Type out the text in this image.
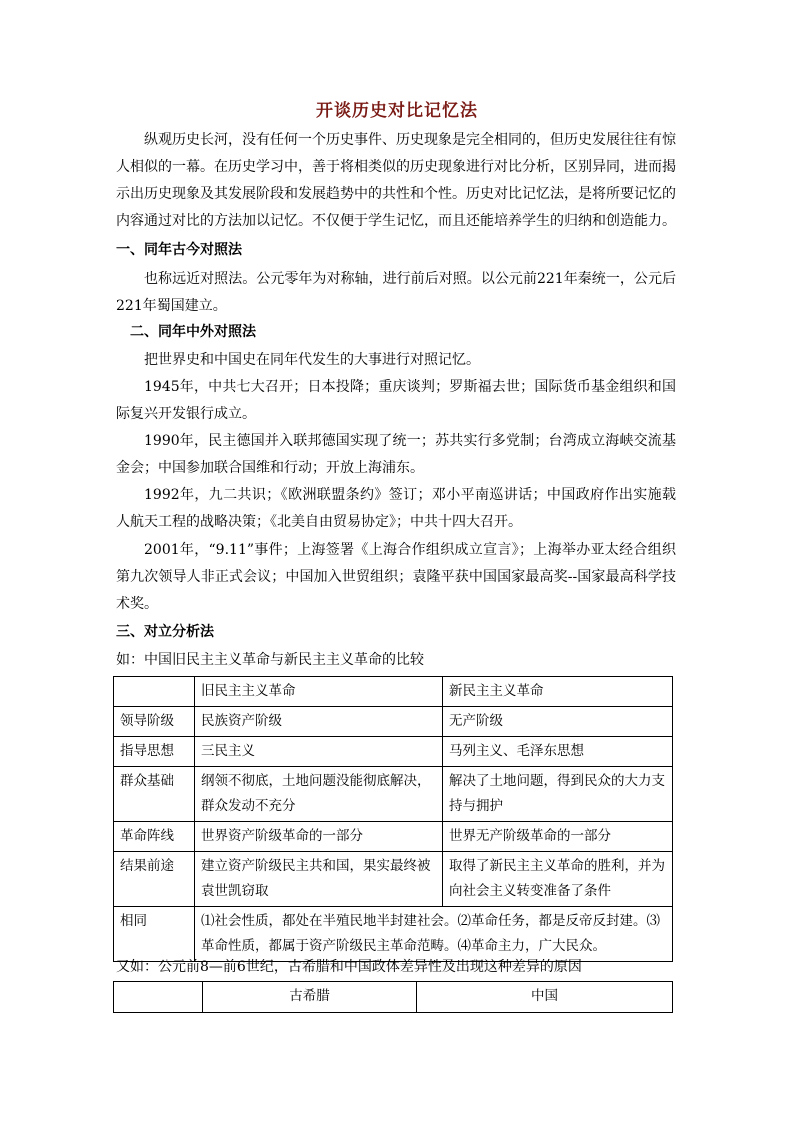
开谈历史对比记忆法

纵观历史长河，没有任何一个历史事件、历史现象是完全相同的，但历史发展往往有惊人相似的一幕。在历史学习中，善于将相类似的历史现象进行对比分析，区别异同，进而揭示出历史现象及其发展阶段和发展趋势中的共性和个性。历史对比记忆法，是将所要记忆的内容通过对比的方法加以记忆。不仅便于学生记忆，而且还能培养学生的归纳和创造能力。

一、同年古今对照法

也称远近对照法。公元零年为对称轴，进行前后对照。以公元前221年秦统一，公元后221年蜀国建立。

二、同年中外对照法

把世界史和中国史在同年代发生的大事进行对照记忆。

1945年，中共七大召开；日本投降；重庆谈判；罗斯福去世；国际货币基金组织和国际复兴开发银行成立。

1990年，民主德国并入联邦德国实现了统一；苏共实行多党制；台湾成立海峡交流基金会；中国参加联合国维和行动；开放上海浦东。

1992年，九二共识；《欧洲联盟条约》签订；邓小平南巡讲话；中国政府作出实施载人航天工程的战略决策；《北美自由贸易协定》；中共十四大召开。

2001年，“9.11”事件；上海签署《上海合作组织成立宣言》；上海举办亚太经合组织第九次领导人非正式会议；中国加入世贸组织；袁隆平获中国国家最高奖--国家最高科学技术奖。

三、对立分析法

如：中国旧民主主义革命与新民主主义革命的比较

	旧民主主义革命	新民主主义革命
领导阶级	民族资产阶级	无产阶级
指导思想	三民主义	马列主义、毛泽东思想
群众基础	纲领不彻底，土地问题没能彻底解决，群众发动不充分	解决了土地问题，得到民众的大力支持与拥护
革命阵线	世界资产阶级革命的一部分	世界无产阶级革命的一部分
结果前途	建立资产阶级民主共和国，果实最终被袁世凯窃取	取得了新民主主义革命的胜利，并为向社会主义转变准备了条件
相同	⑴社会性质，都处在半殖民地半封建社会。⑵革命任务，都是反帝反封建。⑶革命性质，都属于资产阶级民主革命范畴。⑷革命主力，广大民众。	

又如：公元前8—前6世纪，古希腊和中国政体差异性及出现这种差异的原因

	古希腊	中国
